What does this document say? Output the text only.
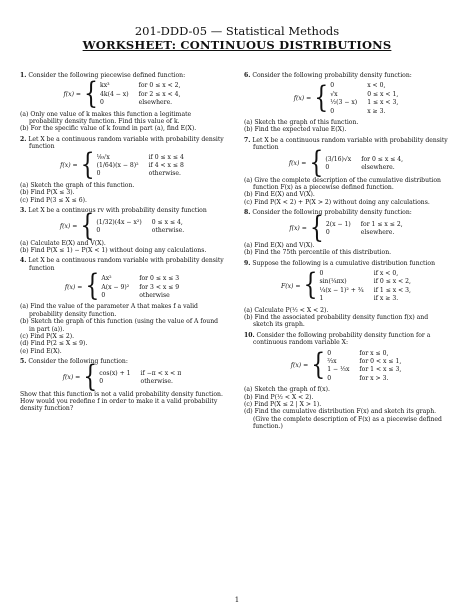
201-DDD-05 — Statistical Methods
WORKSHEET: CONTINUOUS DISTRIBUTIONS

1. Consider the following piecewise defined function:

f(x) = { kx³	for 0 ≤ x < 2,
4k(4 − x) for 2 ≤ x < 4,
0	elsewhere.

(a) Only one value of k makes this function a legitimate probability density function. Find this value of k.

(b) For the specific value of k found in part (a), find E(X).

2. Let X be a continuous random variable with probability density function

f(x) = { ⅛√x	if 0 ≤ x ≤ 4
(1/64)(x − 8)² if 4 < x ≤ 8
0	otherwise.

(a) Sketch the graph of this function.

(b) Find P(X ≤ 3).

(c) Find P(3 ≤ X ≤ 6).

3. Let X be a continuous rv with probability density function

f(x) = { (1/32)(4x − x²) 0 ≤ x ≤ 4,
0	otherwise.

(a) Calculate E(X) and V(X).

(b) Find P(X ≤ 1) − P(X < 1) without doing any calculations.

4. Let X be a continuous random variable with probability density function

f(x) = { Ax²	for 0 ≤ x ≤ 3
A(x − 9)² for 3 < x ≤ 9
0	otherwise

(a) Find the value of the parameter A that makes f a valid probability density function.

(b) Sketch the graph of this function (using the value of A found in part (a)).

(c) Find P(X ≤ 2).

(d) Find P(2 ≤ X ≤ 9).

(e) Find E(X).

5. Consider the following function:

f(x) = { cos(x) + 1 if −π < x < π
0	otherwise.

Show that this function is not a valid probability density function. How would you redefine f in order to make it a valid probability density function?

6. Consider the following probability density function:

f(x) = { 0	x < 0,
√x	0 ≤ x < 1,
½(3 − x) 1 ≤ x < 3,
0	x ≥ 3.

(a) Sketch the graph of this function.

(b) Find the expected value E(X).

7. Let X be a continuous random variable with probability density function

f(x) = { (3/16)√x for 0 ≤ x ≤ 4,
0	elsewhere.

(a) Give the complete description of the cumulative distribution function F(x) as a piecewise defined function.

(b) Find E(X) and V(X).

(c) Find P(X < 2) + P(X > 2) without doing any calculations.

8. Consider the following probability density function:

f(x) = { 2(x − 1) for 1 ≤ x ≤ 2,
0	elsewhere.

(a) Find E(X) and V(X).

(b) Find the 75th percentile of this distribution.

9. Suppose the following is a cumulative distribution function

F(x) = { 0	if x < 0,
sin(¼πx)	if 0 ≤ x < 2,
¼(x − 1)² + ¾ if 1 ≤ x < 3,
1	if x ≥ 3.

(a) Calculate P(½ < X < 2).

(b) Find the associated probability density function f(x) and sketch its graph.

10. Consider the following probability density function for a continuous random variable X:

f(x) = { 0	for x ≤ 0,
⅔x	for 0 < x ≤ 1,
1 − ⅓x for 1 < x ≤ 3,
0	for x > 3.

(a) Sketch the graph of f(x).

(b) Find P(½ < X < 2).

(c) Find P(X ≤ 2 | X > 1).

(d) Find the cumulative distribution F(x) and sketch its graph. (Give the complete description of F(x) as a piecewise defined function.)

1
